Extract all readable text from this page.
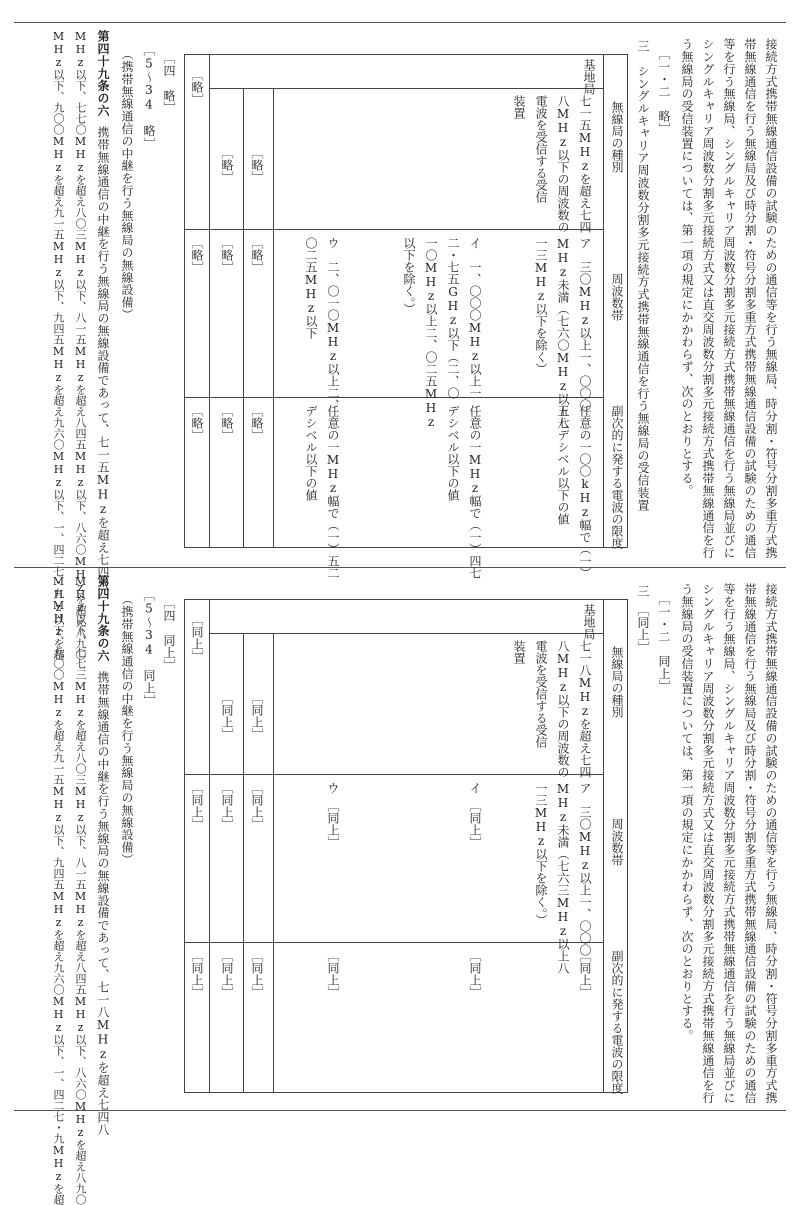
接続方式携帯無線通信設備の試験のための通信等を行う無線局、時分割・符号分割多重方式携
帯無線通信を行う無線局及び時分割・符号分割多重方式携帯無線通信設備の試験のための通信
等を行う無線局、シングルキャリア周波数分割多元接続方式携帯無線通信を行う無線局並びに
シングルキャリア周波数分割多元接続方式又は直交周波数分割多元接続方式携帯無線通信を行
う無線局の受信装置については、第一項の規定にかかわらず、次のとおりとする。
［一・二　略］
三　シングルキャリア周波数分割多元接続方式携帯無線通信を行う無線局の受信装置
無線局の種別
周波数帯
副次的に発する電波の限度
基地局
七一五MHzを超え七四
八MHz以下の周波数の
電波を受信する受信
装置
ア　三〇MHz以上一、〇〇〇
MHz未満（七六〇MHz以上八
一三MHz以下を除く）
イ　一、〇〇〇MHz以上一
二・七五GHz以下（二、〇
一〇MHz以上二、〇二五MHz
以下を除く。）
ウ　二、〇一〇MHz以上二、
〇二五MHz以下
任意の一〇〇kHz幅で（一）
五七デシベル以下の値
任意の一MHz幅で（一）四七
デシベル以下の値
任意の一MHz幅で（一）五二
デシベル以下の値
［略］
［略］
［略］
［略］
［略］
［略］
［略］
［略］
［略］
［四　略］
［5～34　略］
（携帯無線通信の中継を行う無線局の無線設備）
第四十九条の六
携帯無線通信の中継を行う無線局の無線設備であって、七一五MHzを超え七四八
MHz以下、七七〇MHzを超え八〇三MHz以下、八一五MHzを超え八四五MHz以下、八六〇MHzを超え八九〇
MHz以下、九〇〇MHzを超え九一五MHz以下、九四五MHzを超え九六〇MHz以下、一、四二七・九MHzを超
接続方式携帯無線通信設備の試験のための通信等を行う無線局、時分割・符号分割多重方式携
帯無線通信を行う無線局及び時分割・符号分割多重方式携帯無線通信設備の試験のための通信
等を行う無線局、シングルキャリア周波数分割多元接続方式携帯無線通信を行う無線局並びに
シングルキャリア周波数分割多元接続方式又は直交周波数分割多元接続方式携帯無線通信を行
う無線局の受信装置については、第一項の規定にかかわらず、次のとおりとする。
［一・二　同上］
三　［同上］
無線局の種別
周波数帯
副次的に発する電波の限度
基地局
七一八MHzを超え七四
八MHz以下の周波数の
電波を受信する受信
装置
ア　三〇MHz以上一、〇〇〇
MHz未満（七六三MHz以上八
一三MHz以下を除く。）
イ　［同上］
ウ　［同上］
［同上］
［同上］
［同上］
［同上］
［同上］
［同上］
［同上］
［同上］
［同上］
［同上］
［同上］
［同上］
［四　同上］
［5～34　同上］
（携帯無線通信の中継を行う無線局の無線設備）
第四十九条の六
携帯無線通信の中継を行う無線局の無線設備であって、七一八MHzを超え七四八
MHz以下、七七三MHzを超え八〇三MHz以下、八一五MHzを超え八四五MHz以下、八六〇MHzを超え八九〇
MHz以下、九〇〇MHzを超え九一五MHz以下、九四五MHzを超え九六〇MHz以下、一、四二七・九MHzを超
